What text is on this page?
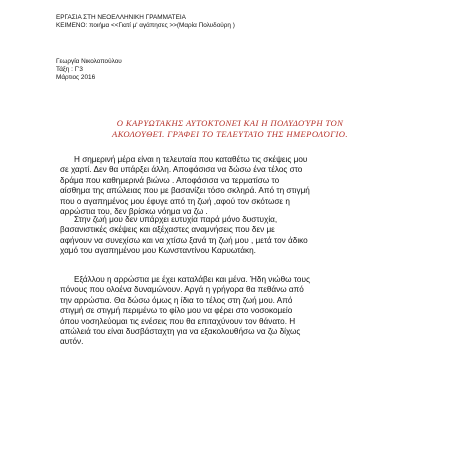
ΕΡΓΑΣΙΑ ΣΤΗ ΝΕΟΕΛΛΗΝΙΚΗ ΓΡΑΜΜΑΤΕΙΑ
ΚΕΙΜΕΝΟ: ποιήμα <<Γιατί μ' αγάπησες >>(Μαρία Πολυδούρη )
Γεωργία Νικολοπούλου
Τάξη : Γ'3
Μάρτιος 2016
Ο ΚΑΡΥΩΤΑΚΗΣ ΑΥΤΟΚΤΟΝΕΊ ΚΑΙ Η ΠΟΛΥΔΟΎΡΗ ΤΟΝ
ΑΚΟΛΟΥΘΕΊ. ΓΡΆΦΕΙ ΤΟ ΤΕΛΕΥΤΑΊΟ ΤΗΣ ΗΜΕΡΟΛΌΓΙΟ.
Η σημερινή μέρα είναι η τελευταία που καταθέτω τις σκέψεις μου
σε χαρτί. Δεν θα υπάρξει άλλη. Αποφάσισα να δώσω ένα τέλος στο
δράμα που καθημερινά βιώνω . Αποφάσισα να τερματίσω το
αίσθημα της απώλειας που με βασανίζει τόσο σκληρά. Από τη στιγμή
που ο αγαπημένος μου έφυγε από τη ζωή ,αφού τον σκότωσε η
αρρώστια του, δεν βρίσκω νόημα να ζω .
Στην ζωή μου δεν υπάρχει ευτυχία παρά μόνο δυστυχία,
βασανιστικές σκέψεις και αξέχαστες αναμνήσεις που δεν με
αφήνουν να συνεχίσω και να χτίσω ξανά τη ζωή μου , μετά τον άδικο
χαμό του αγαπημένου μου Κωνσταντίνου Καρυωτάκη.
Εξάλλου η αρρώστια με έχει καταλάβει και μένα. Ήδη νιώθω τους
πόνους που ολοένα δυναμώνουν. Αργά η γρήγορα θα πεθάνω από
την αρρώστια. Θα δώσω όμως η ίδια το τέλος στη ζωή μου. Από
στιγμή σε στιγμή περιμένω το φίλο μου να φέρει στο νοσοκομείο
όπου νοσηλεύομαι τις ενέσεις που θα επιταχύνουν τον θάνατο. Η
απώλειά του είναι δυσβάσταχτη για να εξακολουθήσω να ζω δίχως
αυτόν.
